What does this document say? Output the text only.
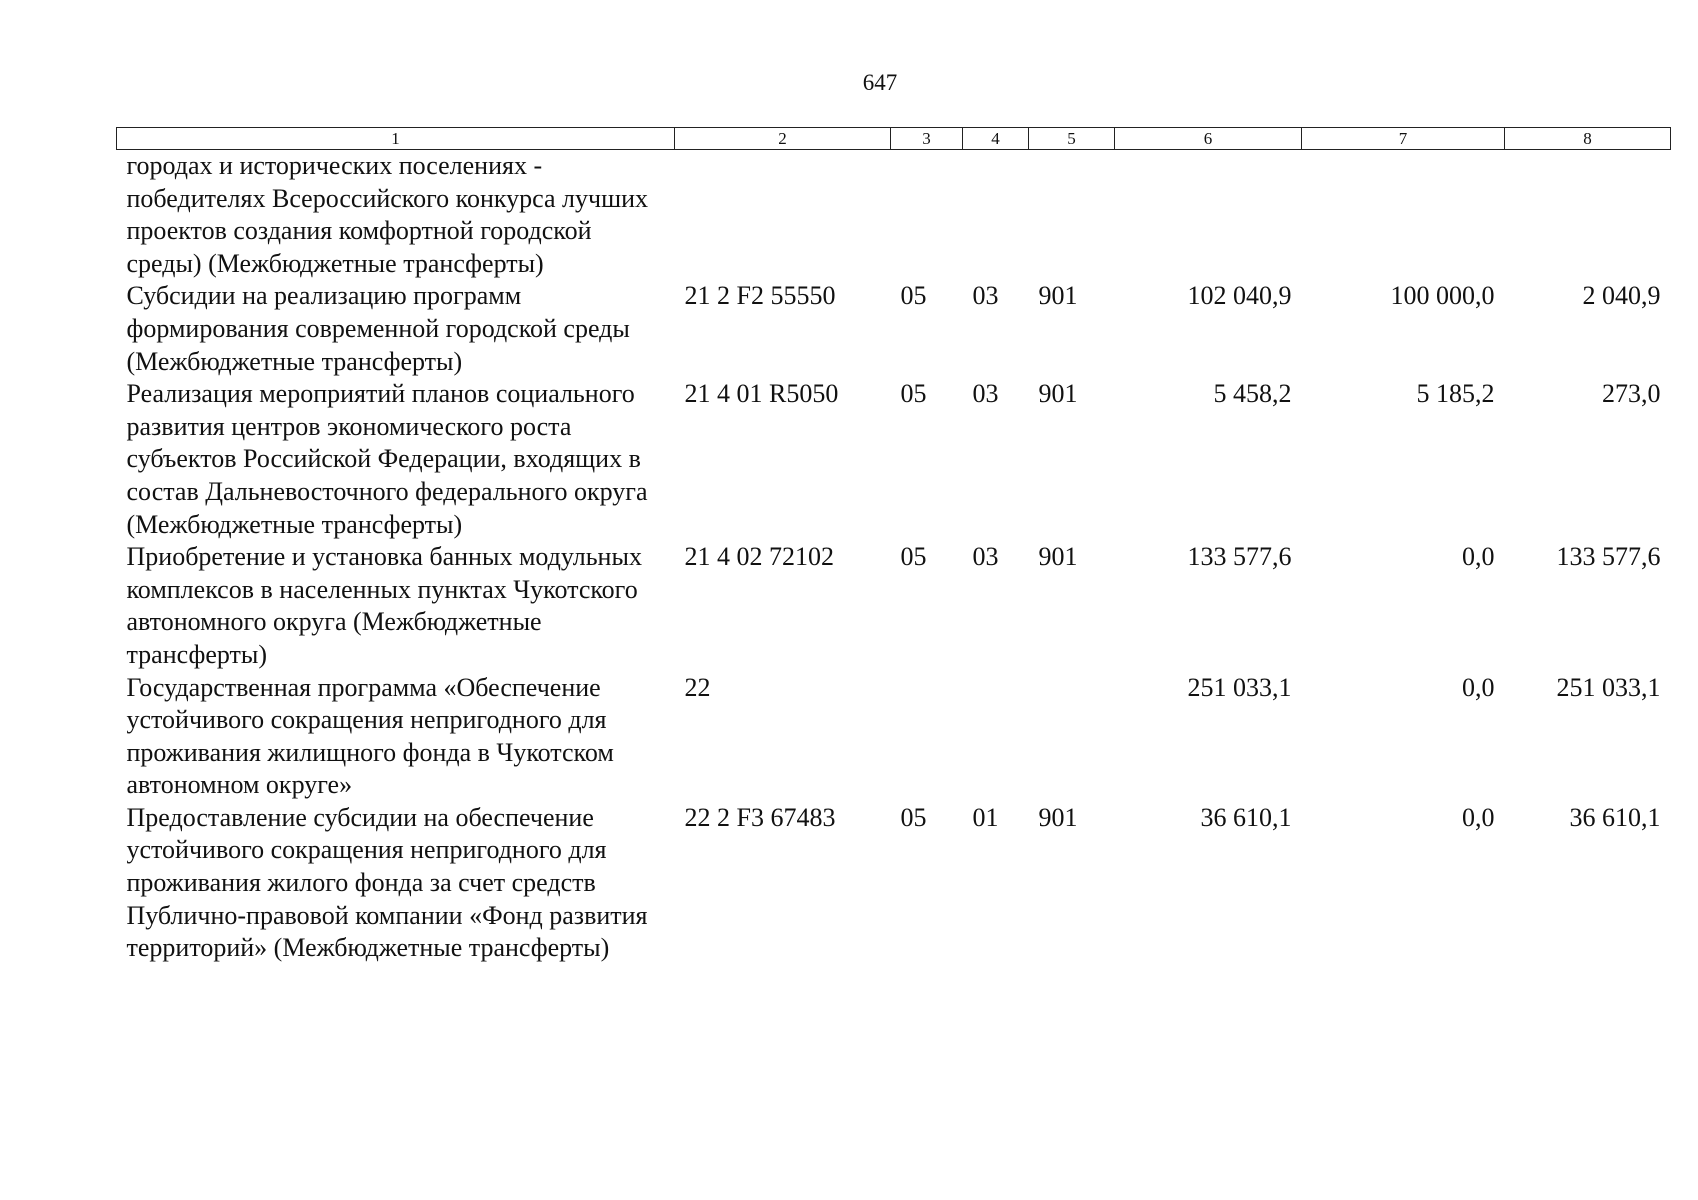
647
1	2	3	4	5	6	7	8
городах и исторических поселениях - победителях Всероссийского конкурса лучших проектов создания комфортной городской среды) (Межбюджетные трансферты)							
Субсидии на реализацию программ формирования современной городской среды (Межбюджетные трансферты)	21 2 F2 55550	05	03	901	102 040,9	100 000,0	2 040,9
Реализация мероприятий планов социального развития центров экономического роста субъектов Российской Федерации, входящих в состав Дальневосточного федерального округа (Межбюджетные трансферты)	21 4 01 R5050	05	03	901	5 458,2	5 185,2	273,0
Приобретение и установка банных модульных комплексов в населенных пунктах Чукотского автономного округа (Межбюджетные трансферты)	21 4 02 72102	05	03	901	133 577,6	0,0	133 577,6
Государственная программа «Обеспечение устойчивого сокращения непригодного для проживания жилищного фонда в Чукотском автономном округе»	22				251 033,1	0,0	251 033,1
Предоставление субсидии на обеспечение устойчивого сокращения непригодного для проживания жилого фонда за счет средств Публично-правовой компании «Фонд развития территорий» (Межбюджетные трансферты)	22 2 F3 67483	05	01	901	36 610,1	0,0	36 610,1
